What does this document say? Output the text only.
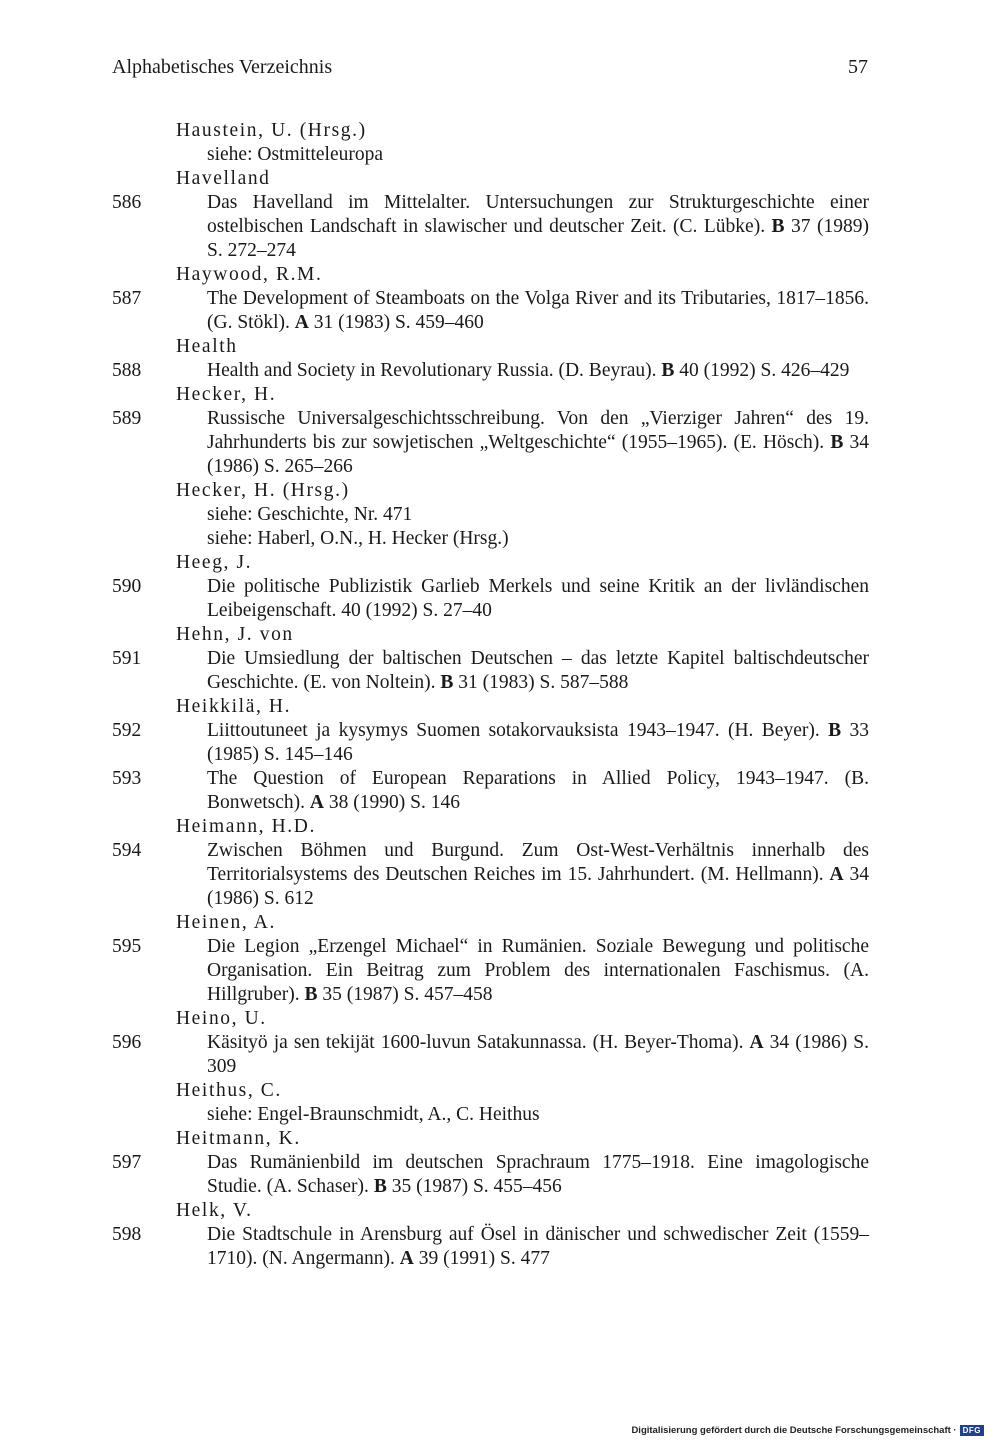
Alphabetisches Verzeichnis	57
Haustein, U. (Hrsg.)
siehe: Ostmitteleuropa
Havelland
586	Das Havelland im Mittelalter. Untersuchungen zur Strukturgeschichte einer ostelbischen Landschaft in slawischer und deutscher Zeit. (C. Lübke). B 37 (1989) S. 272–274
Haywood, R.M.
587	The Development of Steamboats on the Volga River and its Tributaries, 1817–1856. (G. Stökl). A 31 (1983) S. 459–460
Health
588	Health and Society in Revolutionary Russia. (D. Beyrau). B 40 (1992) S. 426–429
Hecker, H.
589	Russische Universalgeschichtsschreibung. Von den „Vierziger Jahren“ des 19. Jahrhunderts bis zur sowjetischen „Weltgeschichte“ (1955–1965). (E. Hösch). B 34 (1986) S. 265–266
Hecker, H. (Hrsg.)
siehe: Geschichte, Nr. 471
siehe: Haberl, O.N., H. Hecker (Hrsg.)
Heeg, J.
590	Die politische Publizistik Garlieb Merkels und seine Kritik an der livländischen Leibeigenschaft. 40 (1992) S. 27–40
Hehn, J. von
591	Die Umsiedlung der baltischen Deutschen – das letzte Kapitel baltischdeutscher Geschichte. (E. von Noltein). B 31 (1983) S. 587–588
Heikkilä, H.
592	Liittoutuneet ja kysymys Suomen sotakorvauksista 1943–1947. (H. Beyer). B 33 (1985) S. 145–146
593	The Question of European Reparations in Allied Policy, 1943–1947. (B. Bonwetsch). A 38 (1990) S. 146
Heimann, H.D.
594	Zwischen Böhmen und Burgund. Zum Ost-West-Verhältnis innerhalb des Territorialsystems des Deutschen Reiches im 15. Jahrhundert. (M. Hellmann). A 34 (1986) S. 612
Heinen, A.
595	Die Legion „Erzengel Michael“ in Rumänien. Soziale Bewegung und politische Organisation. Ein Beitrag zum Problem des internationalen Faschismus. (A. Hillgruber). B 35 (1987) S. 457–458
Heino, U.
596	Käsityö ja sen tekijät 1600-luvun Satakunnassa. (H. Beyer-Thoma). A 34 (1986) S. 309
Heithus, C.
siehe: Engel-Braunschmidt, A., C. Heithus
Heitmann, K.
597	Das Rumänienbild im deutschen Sprachraum 1775–1918. Eine imagologische Studie. (A. Schaser). B 35 (1987) S. 455–456
Helk, V.
598	Die Stadtschule in Arensburg auf Ösel in dänischer und schwedischer Zeit (1559–1710). (N. Angermann). A 39 (1991) S. 477
Digitalisierung gefördert durch die Deutsche Forschungsgemeinschaft · DFG
